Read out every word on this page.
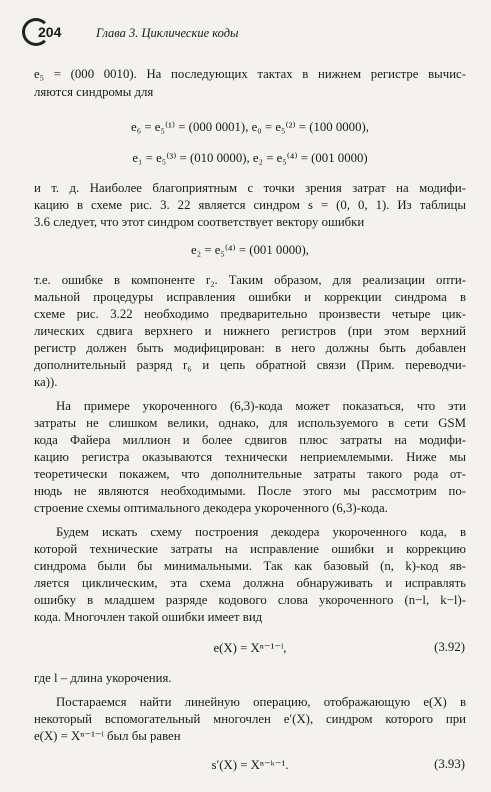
204	Глава 3. Циклические коды
e₅ = (000 0010). На последующих тактах в нижнем регистре вычис-
ляются синдромы для
e₆ = e₅⁽¹⁾ = (000 0001), e₀ = e₅⁽²⁾ = (100 0000),
e₁ = e₅⁽³⁾ = (010 0000), e₂ = e₅⁽⁴⁾ = (001 0000)
и т. д. Наиболее благоприятным с точки зрения затрат на модифи-
кацию в схеме рис. 3. 22 является синдром s = (0, 0, 1). Из таблицы
3.6 следует, что этот синдром соответствует вектору ошибки
e₂ = e₅⁽⁴⁾ = (001 0000),
т.е. ошибке в компоненте r₂. Таким образом, для реализации опти-
мальной процедуры исправления ошибки и коррекции синдрома в
схеме рис. 3.22 необходимо предварительно произвести четыре цик-
лических сдвига верхнего и нижнего регистров (при этом верхний
регистр должен быть модифицирован: в него должны быть добавлен
дополнительный разряд r₆ и цепь обратной связи (Прим. переводчи-
ка)).
На примере укороченного (6,3)-кода может показаться, что эти
затраты не слишком велики, однако, для используемого в сети GSM
кода Файера миллион и более сдвигов плюс затраты на модифи-
кацию регистра оказываются технически неприемлемыми. Ниже мы
теоретически покажем, что дополнительные затраты такого рода от-
нюдь не являются необходимыми. После этого мы рассмотрим по-
строение схемы оптимального декодера укороченного (6,3)-кода.
Будем искать схему построения декодера укороченного кода, в
которой технические затраты на исправление ошибки и коррекцию
синдрома были бы минимальными. Так как базовый (n, k)-код яв-
ляется циклическим, эта схема должна обнаруживать и исправлять
ошибку в младшем разряде кодового слова укороченного (n−l, k−l)-
кода. Многочлен такой ошибки имеет вид
e(X) = Xⁿ⁻¹⁻ˡ,	(3.92)
где l – длина укорочения.
Постараемся найти линейную операцию, отображающую e(X) в
некоторый вспомогательный многочлен e′(X), синдром которого при
e(X) = Xⁿ⁻¹⁻ˡ был бы равен
s′(X) = Xⁿ⁻ᵏ⁻¹.	(3.93)
